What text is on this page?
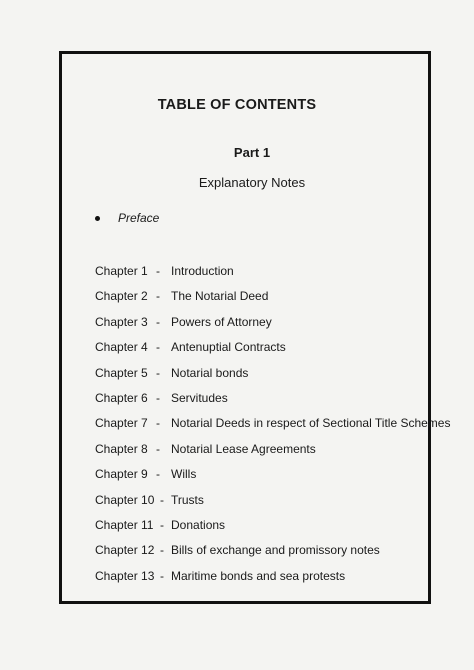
TABLE OF CONTENTS
Part 1
Explanatory Notes
Preface
Chapter 1 - Introduction
Chapter 2 - The Notarial Deed
Chapter 3 - Powers of Attorney
Chapter 4 - Antenuptial Contracts
Chapter 5 - Notarial bonds
Chapter 6 - Servitudes
Chapter 7 - Notarial Deeds in respect of Sectional Title Schemes
Chapter 8 - Notarial Lease Agreements
Chapter 9 - Wills
Chapter 10 - Trusts
Chapter 11 - Donations
Chapter 12 - Bills of exchange and promissory notes
Chapter 13 - Maritime bonds and sea protests
